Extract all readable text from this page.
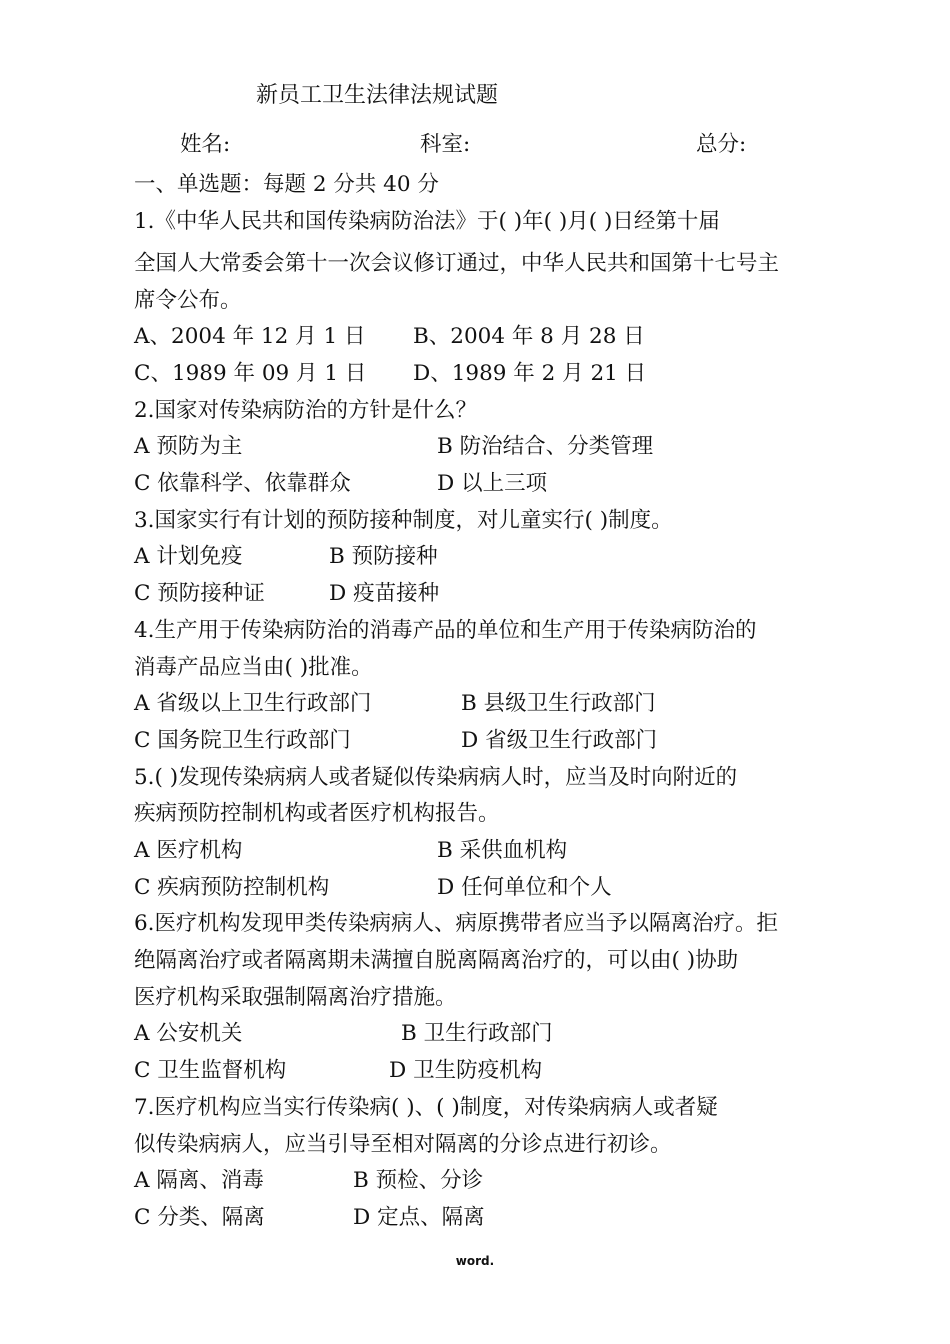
新员工卫生法律法规试题
姓名:	科室:	总分:
一、单选题：每题 2 分共 40 分
1.《中华人民共和国传染病防治法》于( )年( )月( )日经第十届
全国人大常委会第十一次会议修订通过，中华人民共和国第十七号主
席令公布。
A、2004 年 12 月 1 日 B、2004 年 8 月 28 日
C、1989 年 09 月 1 日 D、1989 年 2 月 21 日
2.国家对传染病防治的方针是什么？
A 预防为主	B 防治结合、分类管理
C 依靠科学、依靠群众	D 以上三项
3.国家实行有计划的预防接种制度，对儿童实行( )制度。
A 计划免疫	B 预防接种
C 预防接种证	D 疫苗接种
4.生产用于传染病防治的消毒产品的单位和生产用于传染病防治的
消毒产品应当由( )批准。
A 省级以上卫生行政部门	B 县级卫生行政部门
C 国务院卫生行政部门	D 省级卫生行政部门
5.( )发现传染病病人或者疑似传染病病人时，应当及时向附近的
疾病预防控制机构或者医疗机构报告。
A 医疗机构	B 采供血机构
C 疾病预防控制机构	D 任何单位和个人
6.医疗机构发现甲类传染病病人、病原携带者应当予以隔离治疗。拒
绝隔离治疗或者隔离期未满擅自脱离隔离治疗的，可以由( )协助
医疗机构采取强制隔离治疗措施。
A 公安机关	B 卫生行政部门
C 卫生监督机构	D 卫生防疫机构
7.医疗机构应当实行传染病( )、( )制度，对传染病病人或者疑
似传染病病人，应当引导至相对隔离的分诊点进行初诊。
A 隔离、消毒	B 预检、分诊
C 分类、隔离	D 定点、隔离
word.
